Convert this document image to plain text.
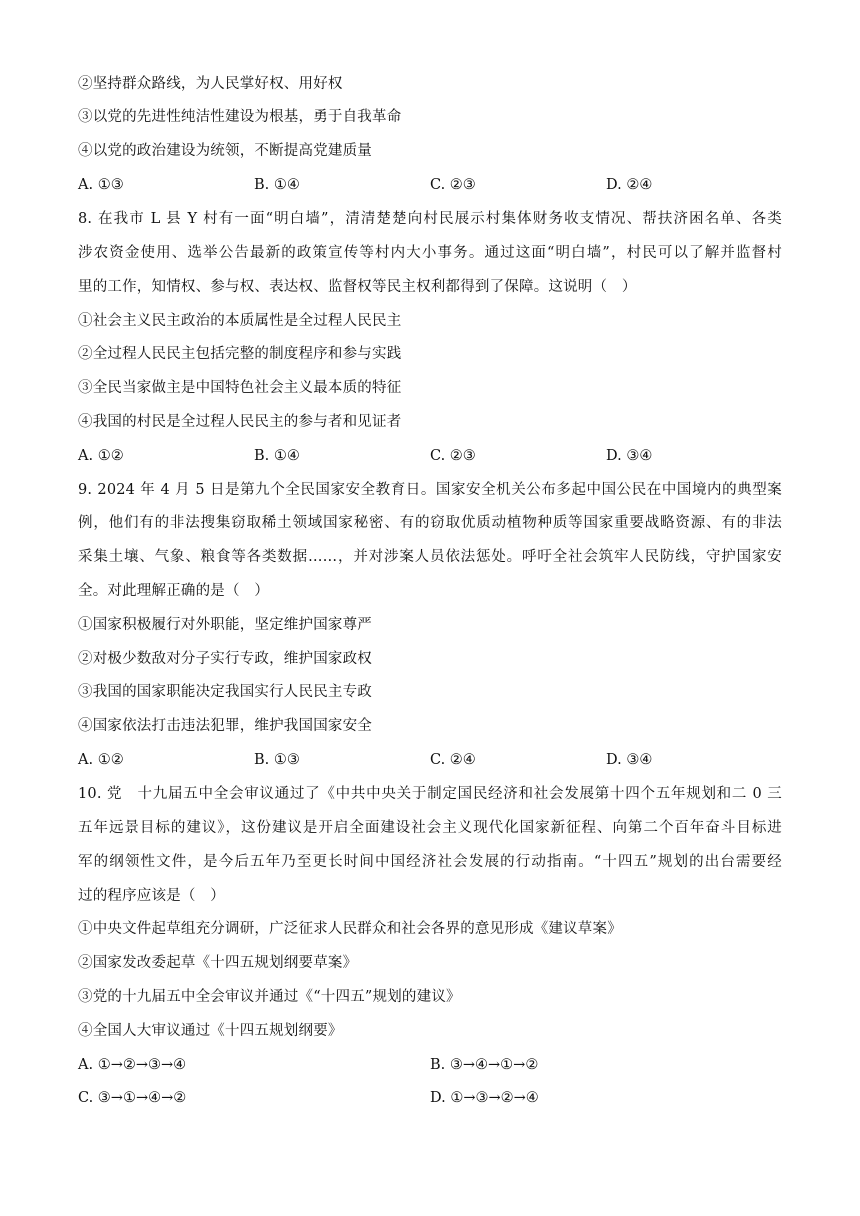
②坚持群众路线，为人民掌好权、用好权
③以党的先进性纯洁性建设为根基，勇于自我革命
④以党的政治建设为统领，不断提高党建质量
A. ①③	B. ①④	C. ②③	D. ②④
8. 在我市 L 县 Y 村有一面“明白墙”，清清楚楚向村民展示村集体财务收支情况、帮扶济困名单、各类
涉农资金使用、选举公告最新的政策宣传等村内大小事务。通过这面“明白墙”，村民可以了解并监督村
里的工作，知情权、参与权、表达权、监督权等民主权利都得到了保障。这说明（　）
①社会主义民主政治的本质属性是全过程人民民主
②全过程人民民主包括完整的制度程序和参与实践
③全民当家做主是中国特色社会主义最本质的特征
④我国的村民是全过程人民民主的参与者和见证者
A. ①②	B. ①④	C. ②③	D. ③④
9. 2024 年 4 月 5 日是第九个全民国家安全教育日。国家安全机关公布多起中国公民在中国境内的典型案
例，他们有的非法搜集窃取稀土领域国家秘密、有的窃取优质动植物种质等国家重要战略资源、有的非法
采集土壤、气象、粮食等各类数据……，并对涉案人员依法惩处。呼吁全社会筑牢人民防线，守护国家安
全。对此理解正确的是（　）
①国家积极履行对外职能，坚定维护国家尊严
②对极少数敌对分子实行专政，维护国家政权
③我国的国家职能决定我国实行人民民主专政
④国家依法打击违法犯罪，维护我国国家安全
A. ①②	B. ①③	C. ②④	D. ③④
10. 党　十九届五中全会审议通过了《中共中央关于制定国民经济和社会发展第十四个五年规划和二 0 三
五年远景目标的建议》，这份建议是开启全面建设社会主义现代化国家新征程、向第二个百年奋斗目标进
军的纲领性文件，是今后五年乃至更长时间中国经济社会发展的行动指南。“十四五”规划的出台需要经
过的程序应该是（　）
①中央文件起草组充分调研，广泛征求人民群众和社会各界的意见形成《建议草案》
②国家发改委起草《十四五规划纲要草案》
③党的十九届五中全会审议并通过《“十四五”规划的建议》
④全国人大审议通过《十四五规划纲要》
A. ①→②→③→④	B. ③→④→①→②
C. ③→①→④→②	D. ①→③→②→④
